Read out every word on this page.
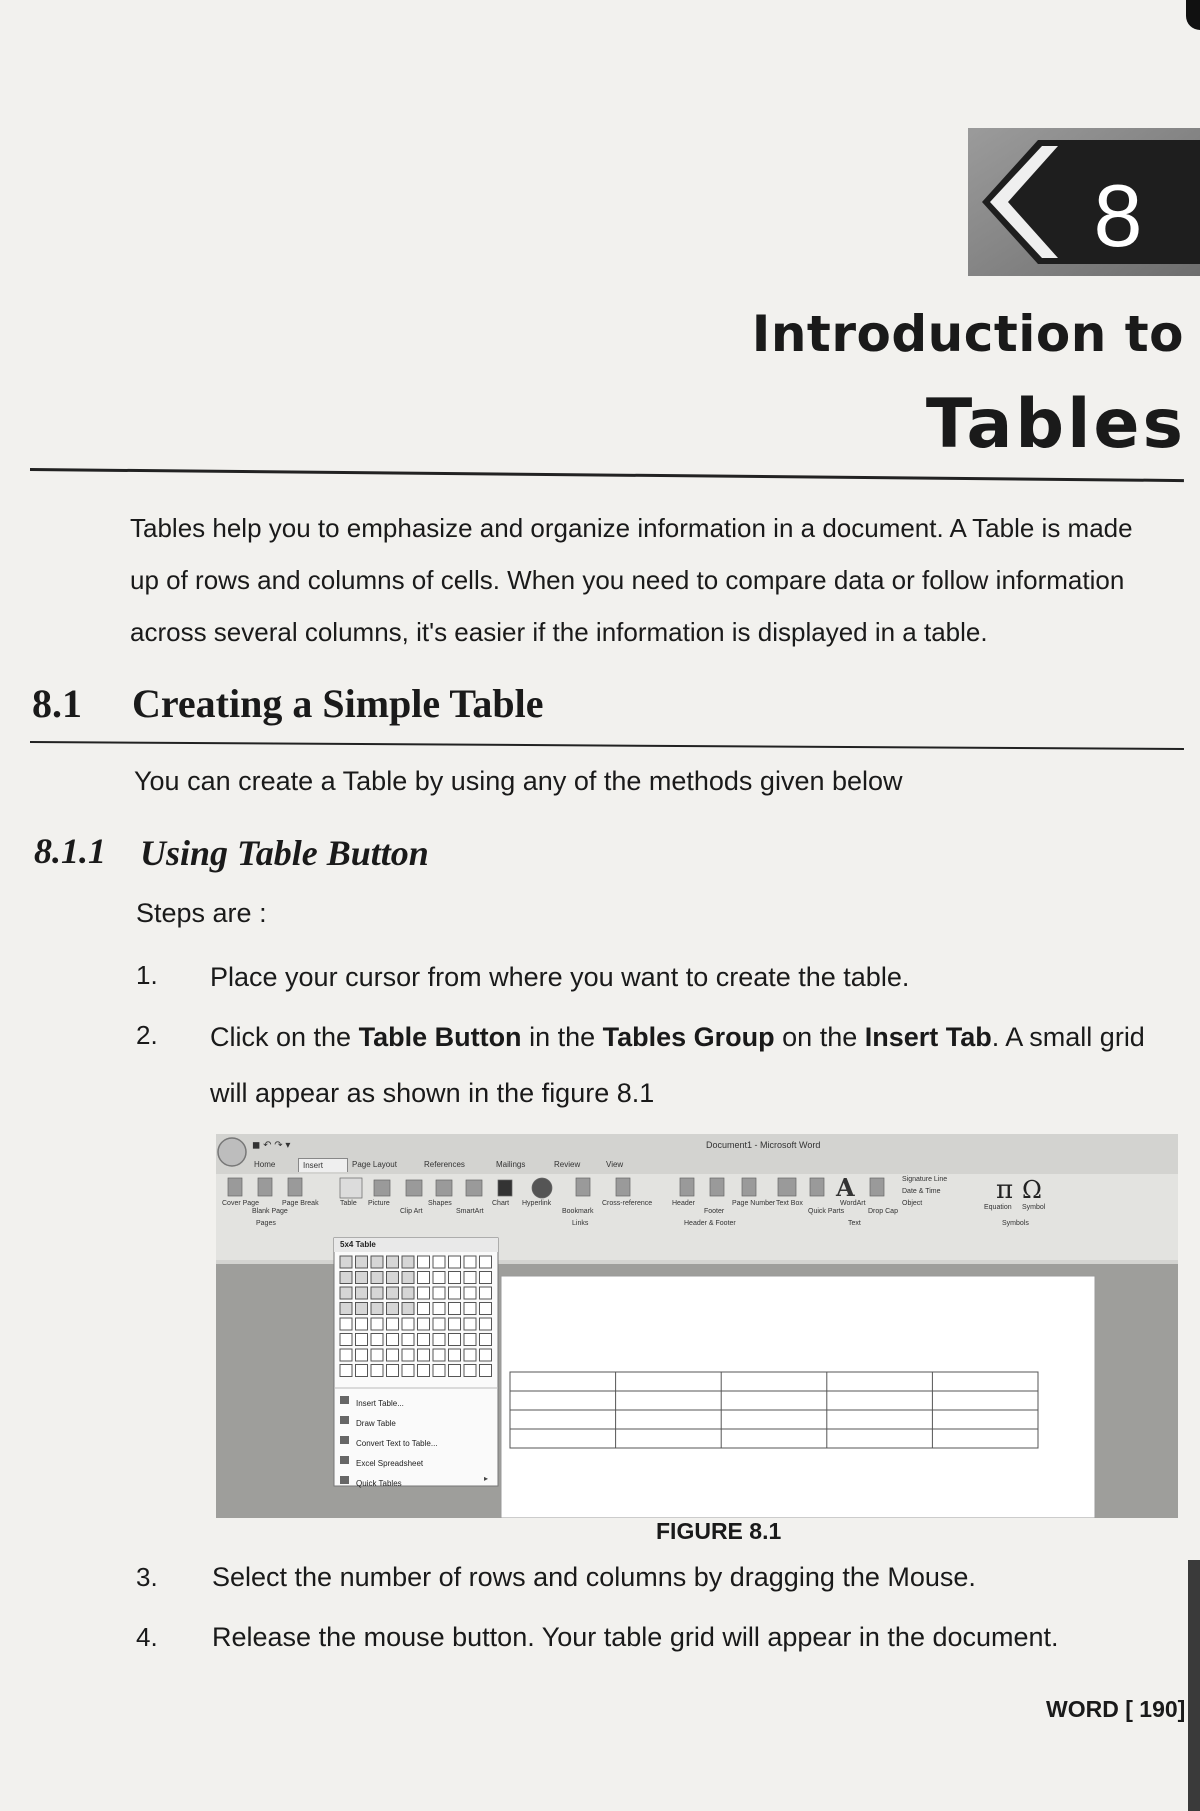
8
Introduction to
Tables
Tables help you to emphasize and organize information in a document. A Table is made
up of rows and columns of cells. When you need to compare data or follow information
across several columns, it's easier if the information is displayed in a table.
8.1 Creating a Simple Table
You can create a Table by using any of the methods given below
8.1.1 Using Table Button
Steps are :
1. Place your cursor from where you want to create the table.
2. Click on the Table Button in the Tables Group on the Insert Tab. A small grid
will appear as shown in the figure 8.1
▸
A	π Ω
◼ ↶ ↷ ▾	Document1 - Microsoft Word
Home	Insert	Page Layout	References	Mailings	Review	View
Cover Page
Blank Page
Page Break
Pages
Table Picture
Clip Art
Shapes
SmartArt
Chart Hyperlink
Bookmark
Cross-reference
Links
Header
Footer
Page Number
Header & Footer
Text Box
Quick Parts
WordArt
Drop Cap
Text
Signature Line
Date & Time
Object
Equation Symbol
Symbols
5x4 Table
Insert Table...
Draw Table
Convert Text to Table...
Excel Spreadsheet
Quick Tables
FIGURE 8.1
3. Select the number of rows and columns by dragging the Mouse.
4. Release the mouse button. Your table grid will appear in the document.
WORD [ 190]
